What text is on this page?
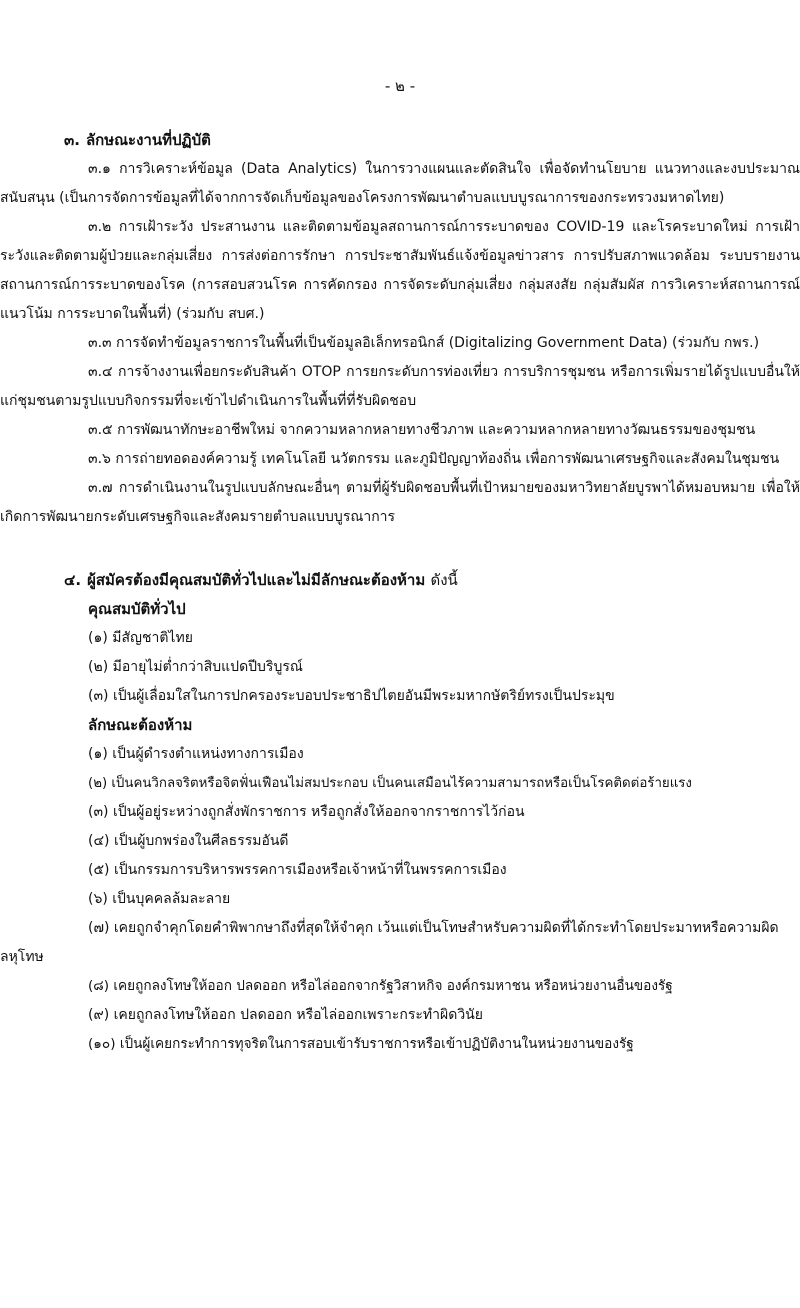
- ๒ -
๓. ลักษณะงานที่ปฏิบัติ

๓.๑ การวิเคราะห์ข้อมูล (Data Analytics) ในการวางแผนและตัดสินใจ เพื่อจัดทำนโยบาย แนวทางและงบประมาณสนับสนุน (เป็นการจัดการข้อมูลที่ได้จากการจัดเก็บข้อมูลของโครงการพัฒนาตำบลแบบบูรณาการของกระทรวงมหาดไทย)

๓.๒ การเฝ้าระวัง ประสานงาน และติดตามข้อมูลสถานการณ์การระบาดของ COVID-19 และโรคระบาดใหม่ การเฝ้าระวังและติดตามผู้ป่วยและกลุ่มเสี่ยง การส่งต่อการรักษา การประชาสัมพันธ์แจ้งข้อมูลข่าวสาร การปรับสภาพแวดล้อม ระบบรายงานสถานการณ์การระบาดของโรค (การสอบสวนโรค การคัดกรอง การจัดระดับกลุ่มเสี่ยง กลุ่มสงสัย กลุ่มสัมผัส การวิเคราะห์สถานการณ์แนวโน้ม การระบาดในพื้นที่) (ร่วมกับ สบศ.)

๓.๓ การจัดทำข้อมูลราชการในพื้นที่เป็นข้อมูลอิเล็กทรอนิกส์ (Digitalizing Government Data) (ร่วมกับ กพร.)

๓.๔ การจ้างงานเพื่อยกระดับสินค้า OTOP การยกระดับการท่องเที่ยว การบริการชุมชน หรือการเพิ่มรายได้รูปแบบอื่นให้แก่ชุมชนตามรูปแบบกิจกรรมที่จะเข้าไปดำเนินการในพื้นที่ที่รับผิดชอบ

๓.๕ การพัฒนาทักษะอาชีพใหม่ จากความหลากหลายทางชีวภาพ และความหลากหลายทางวัฒนธรรมของชุมชน

๓.๖ การถ่ายทอดองค์ความรู้ เทคโนโลยี นวัตกรรม และภูมิปัญญาท้องถิ่น เพื่อการพัฒนาเศรษฐกิจและสังคมในชุมชน

๓.๗ การดำเนินงานในรูปแบบลักษณะอื่นๆ ตามที่ผู้รับผิดชอบพื้นที่เป้าหมายของมหาวิทยาลัยบูรพาได้หมอบหมาย เพื่อให้เกิดการพัฒนายกระดับเศรษฐกิจและสังคมรายตำบลแบบบูรณาการ

๔. ผู้สมัครต้องมีคุณสมบัติทั่วไปและไม่มีลักษณะต้องห้าม ดังนี้
คุณสมบัติทั่วไป
(๑) มีสัญชาติไทย
(๒) มีอายุไม่ต่ำกว่าสิบแปดปีบริบูรณ์
(๓) เป็นผู้เลื่อมใสในการปกครองระบอบประชาธิปไตยอันมีพระมหากษัตริย์ทรงเป็นประมุข
ลักษณะต้องห้าม
(๑) เป็นผู้ดำรงตำแหน่งทางการเมือง
(๒) เป็นคนวิกลจริตหรือจิตฟั่นเฟือนไม่สมประกอบ เป็นคนเสมือนไร้ความสามารถหรือเป็นโรคติดต่อร้ายแรง
(๓) เป็นผู้อยู่ระหว่างถูกสั่งพักราชการ หรือถูกสั่งให้ออกจากราชการไว้ก่อน
(๔) เป็นผู้บกพร่องในศีลธรรมอันดี
(๕) เป็นกรรมการบริหารพรรคการเมืองหรือเจ้าหน้าที่ในพรรคการเมือง
(๖) เป็นบุคคลล้มละลาย

(๗) เคยถูกจำคุกโดยคำพิพากษาถึงที่สุดให้จำคุก เว้นแต่เป็นโทษสำหรับความผิดที่ได้กระทำโดยประมาทหรือความผิดลหุโทษ

(๘) เคยถูกลงโทษให้ออก ปลดออก หรือไล่ออกจากรัฐวิสาหกิจ องค์กรมหาชน หรือหน่วยงานอื่นของรัฐ
(๙) เคยถูกลงโทษให้ออก ปลดออก หรือไล่ออกเพราะกระทำผิดวินัย
(๑๐) เป็นผู้เคยกระทำการทุจริตในการสอบเข้ารับราชการหรือเข้าปฏิบัติงานในหน่วยงานของรัฐ
